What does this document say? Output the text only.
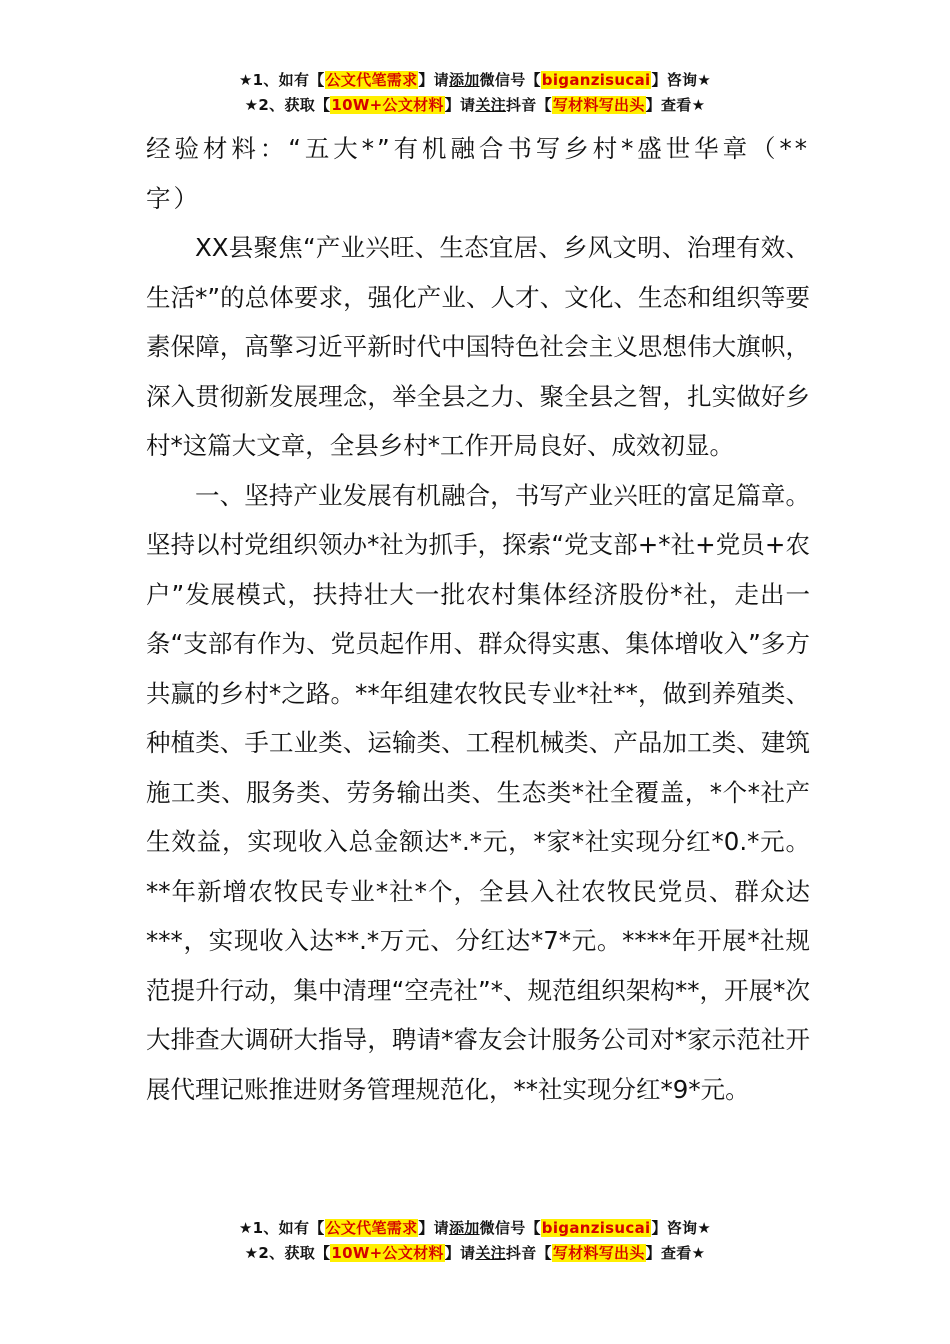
★1、如有【公文代笔需求】请添加微信号【biganzisucai】咨询★
★2、获取【10W+公文材料】请关注抖音【写材料写出头】查看★

经验材料：“五大*”有机融合书写乡村*盛世华章（**字）

XX县聚焦“产业兴旺、生态宜居、乡风文明、治理有效、生活*”的总体要求，强化产业、人才、文化、生态和组织等要素保障，高擎习近平新时代中国特色社会主义思想伟大旗帜，深入贯彻新发展理念，举全县之力、聚全县之智，扎实做好乡村*这篇大文章，全县乡村*工作开局良好、成效初显。

一、坚持产业发展有机融合，书写产业兴旺的富足篇章。坚持以村党组织领办*社为抓手，探索“党支部+*社+党员+农户”发展模式，扶持壮大一批农村集体经济股份*社，走出一条“支部有作为、党员起作用、群众得实惠、集体增收入”多方共赢的乡村*之路。**年组建农牧民专业*社**，做到养殖类、种植类、手工业类、运输类、工程机械类、产品加工类、建筑施工类、服务类、劳务输出类、生态类*社全覆盖，*个*社产生效益，实现收入总金额达*.*元，*家*社实现分红*0.*元。**年新增农牧民专业*社*个，全县入社农牧民党员、群众达***，实现收入达**.*万元、分红达*7*元。****年开展*社规范提升行动，集中清理“空壳社”*、规范组织架构**，开展*次大排查大调研大指导，聘请*睿友会计服务公司对*家示范社开展代理记账推进财务管理规范化，**社实现分红*9*元。

★1、如有【公文代笔需求】请添加微信号【biganzisucai】咨询★
★2、获取【10W+公文材料】请关注抖音【写材料写出头】查看★
